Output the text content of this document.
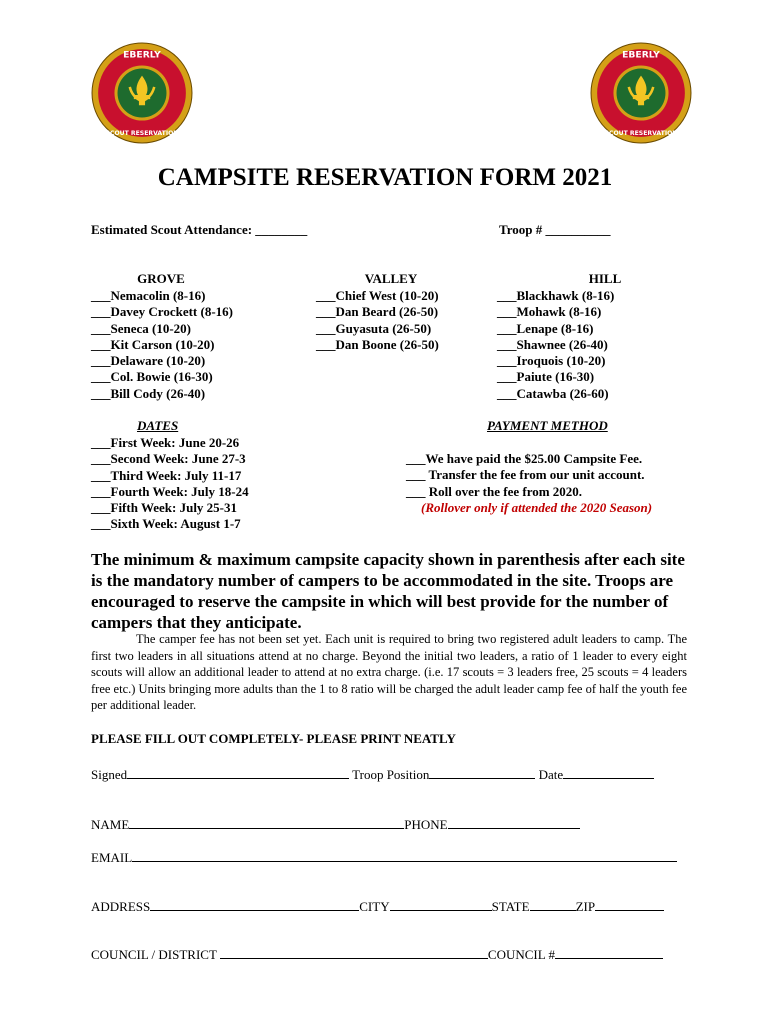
EBERLY
SCOUT RESERVATION
EBERLY
SCOUT RESERVATION
CAMPSITE RESERVATION FORM 2021
Estimated Scout Attendance: ________	Troop # __________
GROVE
___Nemacolin (8-16)
___Davey Crockett (8-16)
___Seneca (10-20)
___Kit Carson (10-20)
___Delaware (10-20)
___Col. Bowie (16-30)
___Bill Cody (26-40)
VALLEY
___Chief West (10-20)
___Dan Beard (26-50)
___Guyasuta (26-50)
___Dan Boone (26-50)
HILL
___Blackhawk (8-16)
___Mohawk (8-16)
___Lenape (8-16)
___Shawnee (26-40)
___Iroquois (10-20)
___Paiute (16-30)
___Catawba (26-60)
DATES
___First Week: June 20-26
___Second Week: June 27-3
___Third Week: July 11-17
___Fourth Week: July 18-24
___Fifth Week: July 25-31
___Sixth Week: August 1-7
PAYMENT METHOD
___We have paid the $25.00 Campsite Fee.
___ Transfer the fee from our unit account.
___ Roll over the fee from 2020.
(Rollover only if attended the 2020 Season)
The minimum & maximum campsite capacity shown in parenthesis after each site is the mandatory number of campers to be accommodated in the site. Troops are encouraged to reserve the campsite in which will best provide for the number of campers that they anticipate.

The camper fee has not been set yet. Each unit is required to bring two registered adult leaders to camp. The first two leaders in all situations attend at no charge. Beyond the initial two leaders, a ratio of 1 leader to every eight scouts will allow an additional leader to attend at no extra charge. (i.e. 17 scouts = 3 leaders free, 25 scouts = 4 leaders free etc.) Units bringing more adults than the 1 to 8 ratio will be charged the adult leader camp fee of half the youth fee per additional leader.

PLEASE FILL OUT COMPLETELY- PLEASE PRINT NEATLY
Signed	Troop Position	Date
NAME	PHONE
EMAIL
ADDRESS	CITY	STATE	ZIP
COUNCIL / DISTRICT	COUNCIL #
